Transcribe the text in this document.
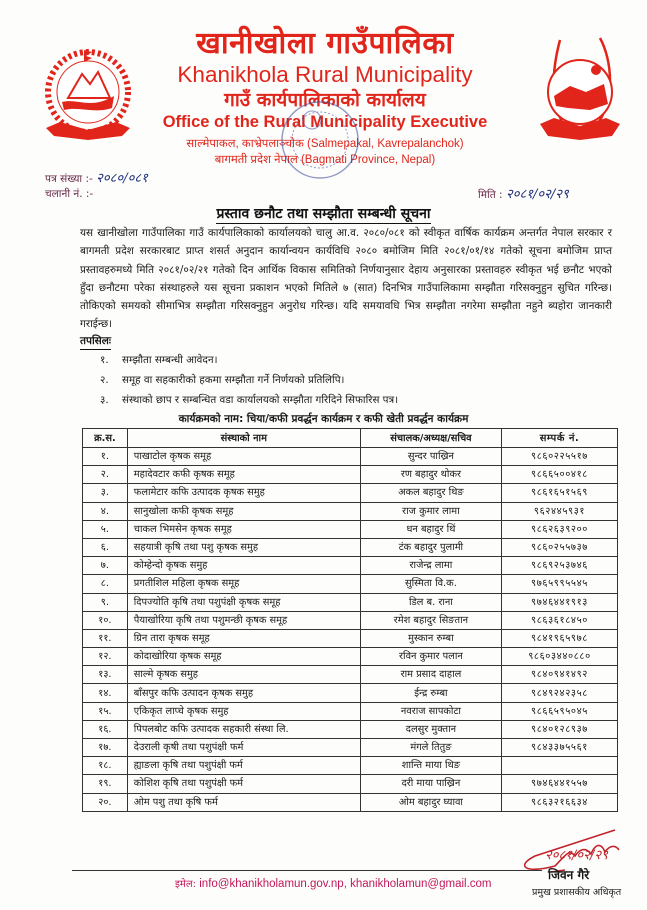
खानीखोला गाउँपालिका
Khanikhola Rural Municipality
गाउँ कार्यपालिकाको कार्यालय
Office of the Rural Municipality Executive
साल्मेपाकल, काभ्रेपलाञ्चोक (Salmepakal, Kavrepalanchok)
बागमती प्रदेश नेपाल (Bagmati Province, Nepal)
पत्र संख्या :- २०८०/०८१
चलानी नं. :-	मिति : २०८१/०२/२९
प्रस्ताव छनौट तथा सम्झौता सम्बन्धी सूचना

यस खानीखोला गाउँपालिका गाउँ कार्यपालिकाको कार्यालयको चालु आ.व. २०८०/०८१ को स्वीकृत वार्षिक कार्यक्रम अन्तर्गत नेपाल सरकार र बागमती प्रदेश सरकारबाट प्राप्त शसर्त अनुदान कार्यान्वयन कार्यविधि २०८० बमोजिम मिति २०८१/०१/१४ गतेको सूचना बमोजिम प्राप्त प्रस्तावहरुमध्ये मिति २०८१/०२/२१ गतेको दिन आर्थिक विकास समितिको निर्णयानुसार देहाय अनुसारका प्रस्तावहरु स्वीकृत भई छनौट भएको हुँदा छनौटमा परेका संस्थाहरुले यस सूचना प्रकाशन भएको मितिले ७ (सात) दिनभित्र गाउँपालिकामा सम्झौता गरिसक्नुहुन सुचित गरिन्छ। तोकिएको समयको सीमाभित्र सम्झौता गरिसक्नुहुन अनुरोध गरिन्छ। यदि समयावधि भित्र सम्झौता नगरेमा सम्झौता नहुने ब्यहोरा जानकारी गराईन्छ।

तपसिलः
१.	सम्झौता सम्बन्धी आवेदन।
२.	समूह वा सहकारीको हकमा सम्झौता गर्ने निर्णयको प्रतिलिपि।
३.	संस्थाको छाप र सम्बन्धित वडा कार्यालयको सम्झौता गरिदिने सिफारिस पत्र।
कार्यक्रमको नाम: चिया/कफी प्रवर्द्धन कार्यक्रम र कफी खेती प्रवर्द्धन कार्यक्रम
क्र.स.	संस्थाको नाम	संचालक/अध्यक्ष/सचिव	सम्पर्क नं.
१.	पाखाटोल कृषक समूह	सुन्दर पाख्रिन	९८६०२२५५१७
२.	महादेवटार कफी कृषक समूह	रण बहादुर थोकर	९८६६५००४१८
३.	फलामेटार कफि उत्पादक कृषक समुह	अकल बहादुर थिङ	९८६१६५१५६९
४.	सानुखोला कफी कृषक समूह	राज कुमार लामा	९६२४४५९३१
५.	चाकल भिमसेन कृषक समूह	धन बहादुर थिं	९८६२६३९२००
६.	सहयात्री कृषि तथा पशु कृषक समुह	टंक बहादुर पुलामी	९८६०२५५७३७
७.	कोम्हेन्दो कृषक समुह	राजेन्द्र लामा	९८६९२५३७४६
८.	प्रगतीशिल महिला कृषक समूह	सुस्मिता वि.क.	९७६५९९५५४५
९.	दिपज्योति कृषि तथा पशुपंक्षी कृषक समूह	डिल ब. राना	९७४६४४१९१३
१०.	पैयाखोरिया कृषि तथा पशुमन्छी कृषक समूह	रमेश बहादुर सिङतान	९८६३६१८४५०
११.	ग्रिन तारा कृषक समूह	मुस्कान रुम्बा	९८४१९६५९७८
१२.	कोदाखोरिया कृषक समूह	रविन कुमार पलान	९८६०३४४०८८०
१३.	साल्मे कृषक समुह	राम प्रसाद दाहाल	९८४०९४१४९२
१४.	बाँसपुर कफि उत्पादन कृषक समुह	ईन्द्र रुम्बा	९८४९२४२३५८
१५.	एकिकृत लाप्चे कृषक समुह	नवराज सापकोटा	९८६६५९५०४५
१६.	पिपलबोट कफि उत्पादक सहकारी संस्था लि.	दलसुर मुक्तान	९८४०१२८९३७
१७.	देउराली कृषी तथा पशुपंक्षी फर्म	मंगले तितुङ	९८४३३७५५६१
१८.	ह्याङला कृषि तथा पशुपंक्षी फर्म	शान्ति माया थिङ	
१९.	कोशिश कृषि तथा पशुपंक्षी फर्म	दरी माया पाख्रिन	९७४६४४१५५७
२०.	ओम पशु तथा कृषि फर्म	ओम बहादुर घ्यावा	९८६३२१६६३४
२०८१/०२/२९
जिवन गैरे
प्रमुख प्रशासकीय अधिकृत
इमेल: info@khanikholamun.gov.np, khanikholamun@gmail.com
